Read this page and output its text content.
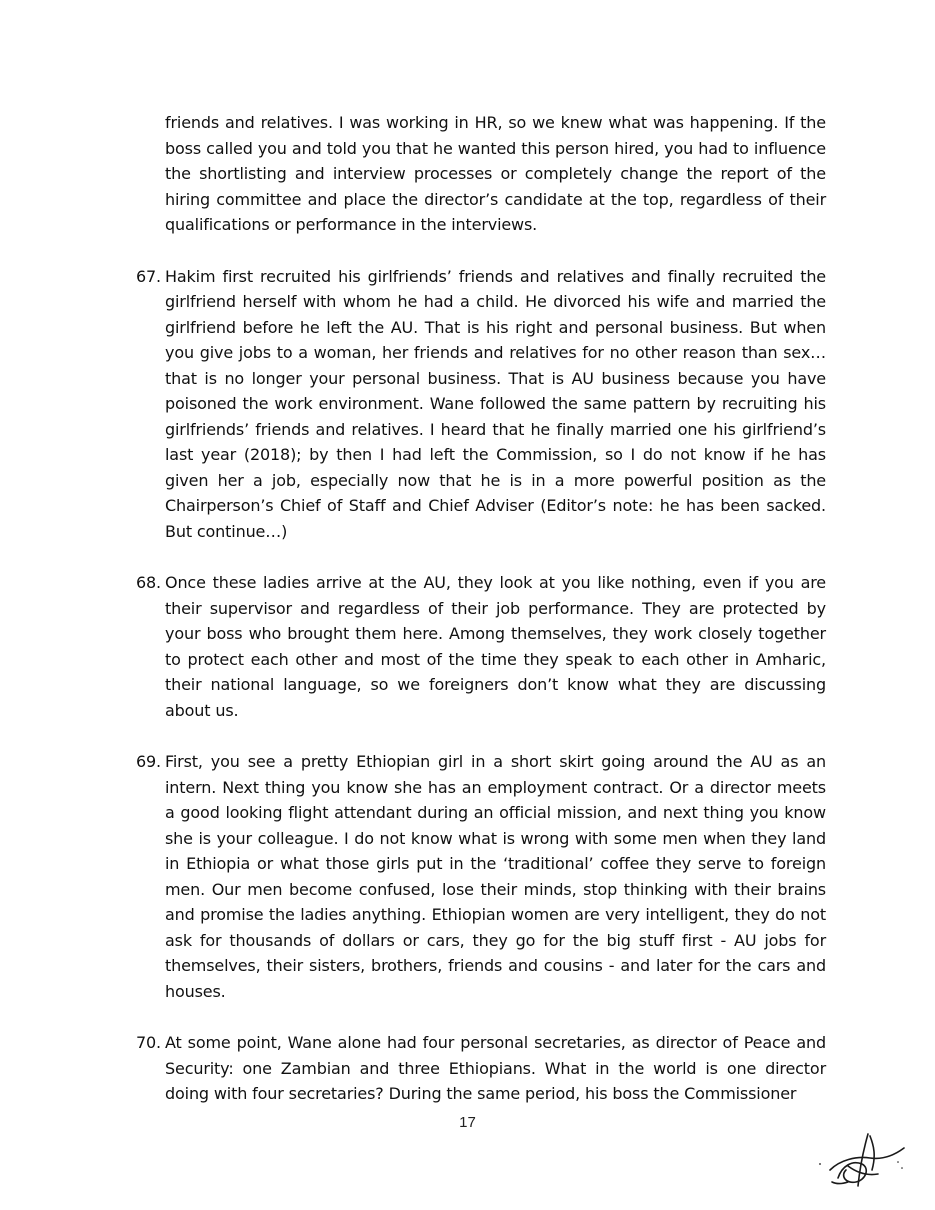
friends and relatives. I was working in HR, so we knew what was happening. If the boss called you and told you that he wanted this person hired, you had to influence the shortlisting and interview processes or completely change the report of the hiring committee and place the director’s candidate at the top, regardless of their qualifications or performance in the interviews.

67. Hakim first recruited his girlfriends’ friends and relatives and finally recruited the girlfriend herself with whom he had a child. He divorced his wife and married the girlfriend before he left the AU. That is his right and personal business. But when you give jobs to a woman, her friends and relatives for no other reason than sex… that is no longer your personal business. That is AU business because you have poisoned the work environment. Wane followed the same pattern by recruiting his girlfriends’ friends and relatives. I heard that he finally married one his girlfriend’s last year (2018); by then I had left the Commission, so I do not know if he has given her a job, especially now that he is in a more powerful position as the Chairperson’s Chief of Staff and Chief Adviser (Editor’s note: he has been sacked. But continue…)

68. Once these ladies arrive at the AU, they look at you like nothing, even if you are their supervisor and regardless of their job performance. They are protected by your boss who brought them here. Among themselves, they work closely together to protect each other and most of the time they speak to each other in Amharic, their national language, so we foreigners don’t know what they are discussing about us.

69. First, you see a pretty Ethiopian girl in a short skirt going around the AU as an intern. Next thing you know she has an employment contract. Or a director meets a good looking flight attendant during an official mission, and next thing you know she is your colleague. I do not know what is wrong with some men when they land in Ethiopia or what those girls put in the ‘traditional’ coffee they serve to foreign men. Our men become confused, lose their minds, stop thinking with their brains and promise the ladies anything. Ethiopian women are very intelligent, they do not ask for thousands of dollars or cars, they go for the big stuff first - AU jobs for themselves, their sisters, brothers, friends and cousins - and later for the cars and houses.

70. At some point, Wane alone had four personal secretaries, as director of Peace and Security: one Zambian and three Ethiopians. What in the world is one director doing with four secretaries? During the same period, his boss the Commissioner

17
